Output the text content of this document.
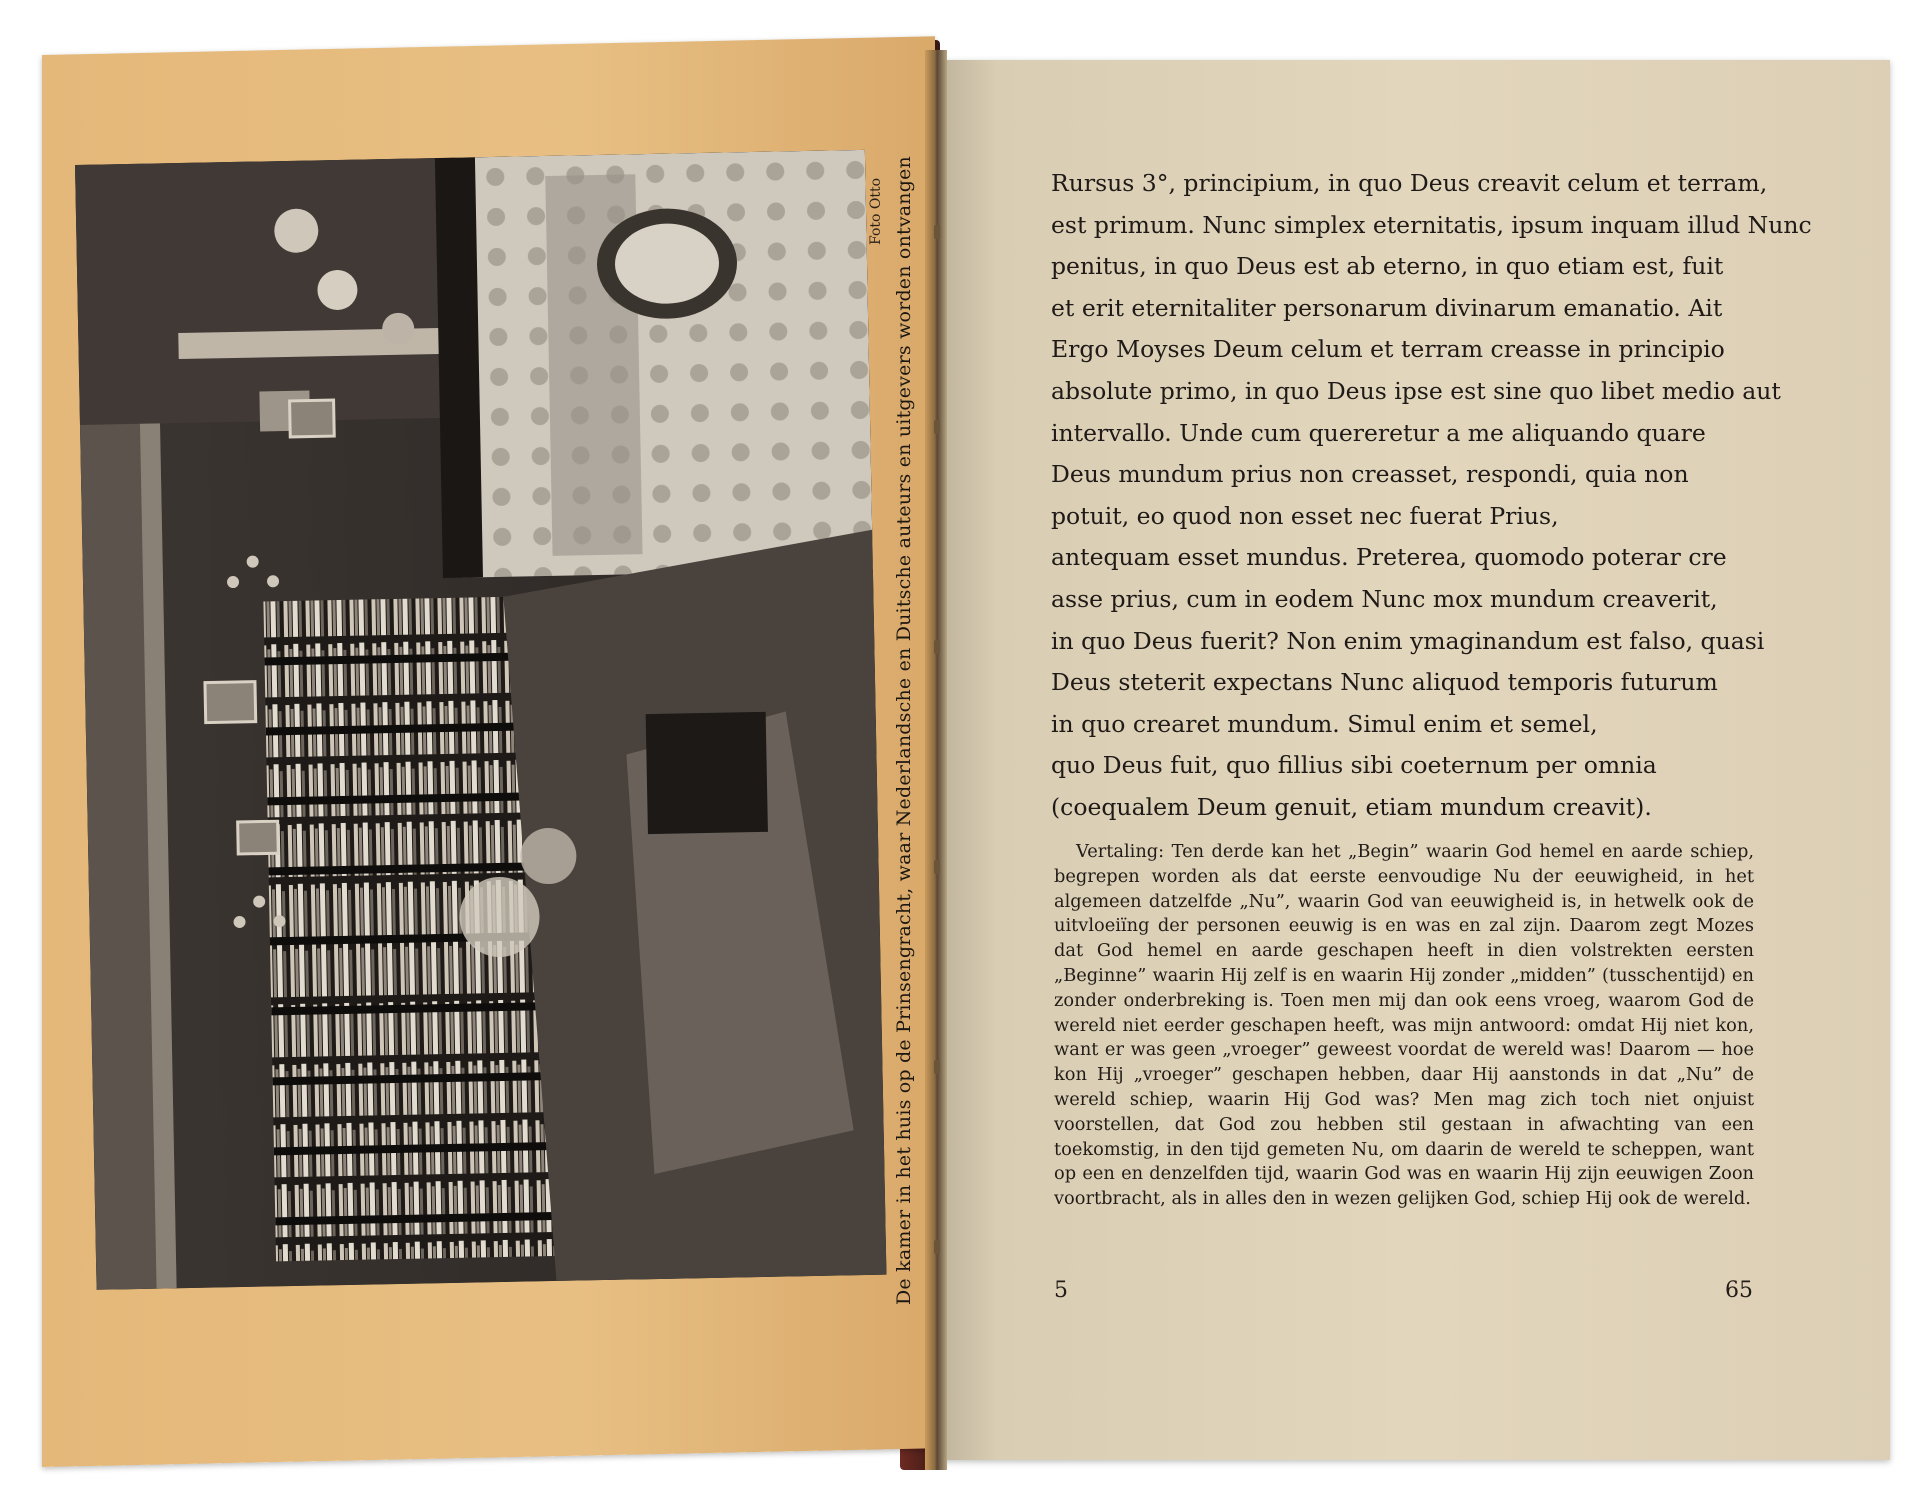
De kamer in het huis op de Prinsengracht, waar Nederlandsche en Duitsche auteurs en uitgevers worden ontvangen
Foto Otto	Rursus 3°, principium, in quo Deus creavit celum et terram,
est primum. Nunc simplex eternitatis, ipsum inquam illud Nunc
penitus, in quo Deus est ab eterno, in quo etiam est, fuit
et erit eternitaliter personarum divinarum emanatio. Ait
Ergo Moyses Deum celum et terram creasse in principio
absolute primo, in quo Deus ipse est sine quo libet medio aut
intervallo. Unde cum quereretur a me aliquando quare
Deus mundum prius non creasset, respondi, quia non
potuit, eo quod non esset nec fuerat Prius,
antequam esset mundus. Preterea, quomodo poterar cre
asse prius, cum in eodem Nunc mox mundum creaverit,
in quo Deus fuerit? Non enim ymaginandum est falso, quasi
Deus steterit expectans Nunc aliquod temporis futurum
in quo crearet mundum. Simul enim et semel,
quo Deus fuit, quo fillius sibi coeternum per omnia
(coequalem Deum genuit, etiam mundum creavit).

Vertaling: Ten derde kan het „Begin” waarin God hemel en aarde schiep, begrepen worden als dat eerste eenvoudige Nu der eeuwigheid, in het algemeen datzelfde „Nu”, waarin God van eeuwigheid is, in hetwelk ook de uitvloeiïng der personen eeuwig is en was en zal zijn. Daarom zegt Mozes dat God hemel en aarde geschapen heeft in dien volstrekten eersten „Beginne” waarin Hij zelf is en waarin Hij zonder „midden” (tusschentijd) en zonder onderbreking is. Toen men mij dan ook eens vroeg, waarom God de wereld niet eerder geschapen heeft, was mijn antwoord: omdat Hij niet kon, want er was geen „vroeger” geweest voordat de wereld was! Daarom — hoe kon Hij „vroeger” geschapen hebben, daar Hij aanstonds in dat „Nu” de wereld schiep, waarin Hij God was? Men mag zich toch niet onjuist voorstellen, dat God zou hebben stil gestaan in afwachting van een toekomstig, in den tijd gemeten Nu, om daarin de wereld te scheppen, want op een en denzelfden tijd, waarin God was en waarin Hij zijn eeuwigen Zoon voortbracht, als in alles den in wezen gelijken God, schiep Hij ook de wereld.

5	65
